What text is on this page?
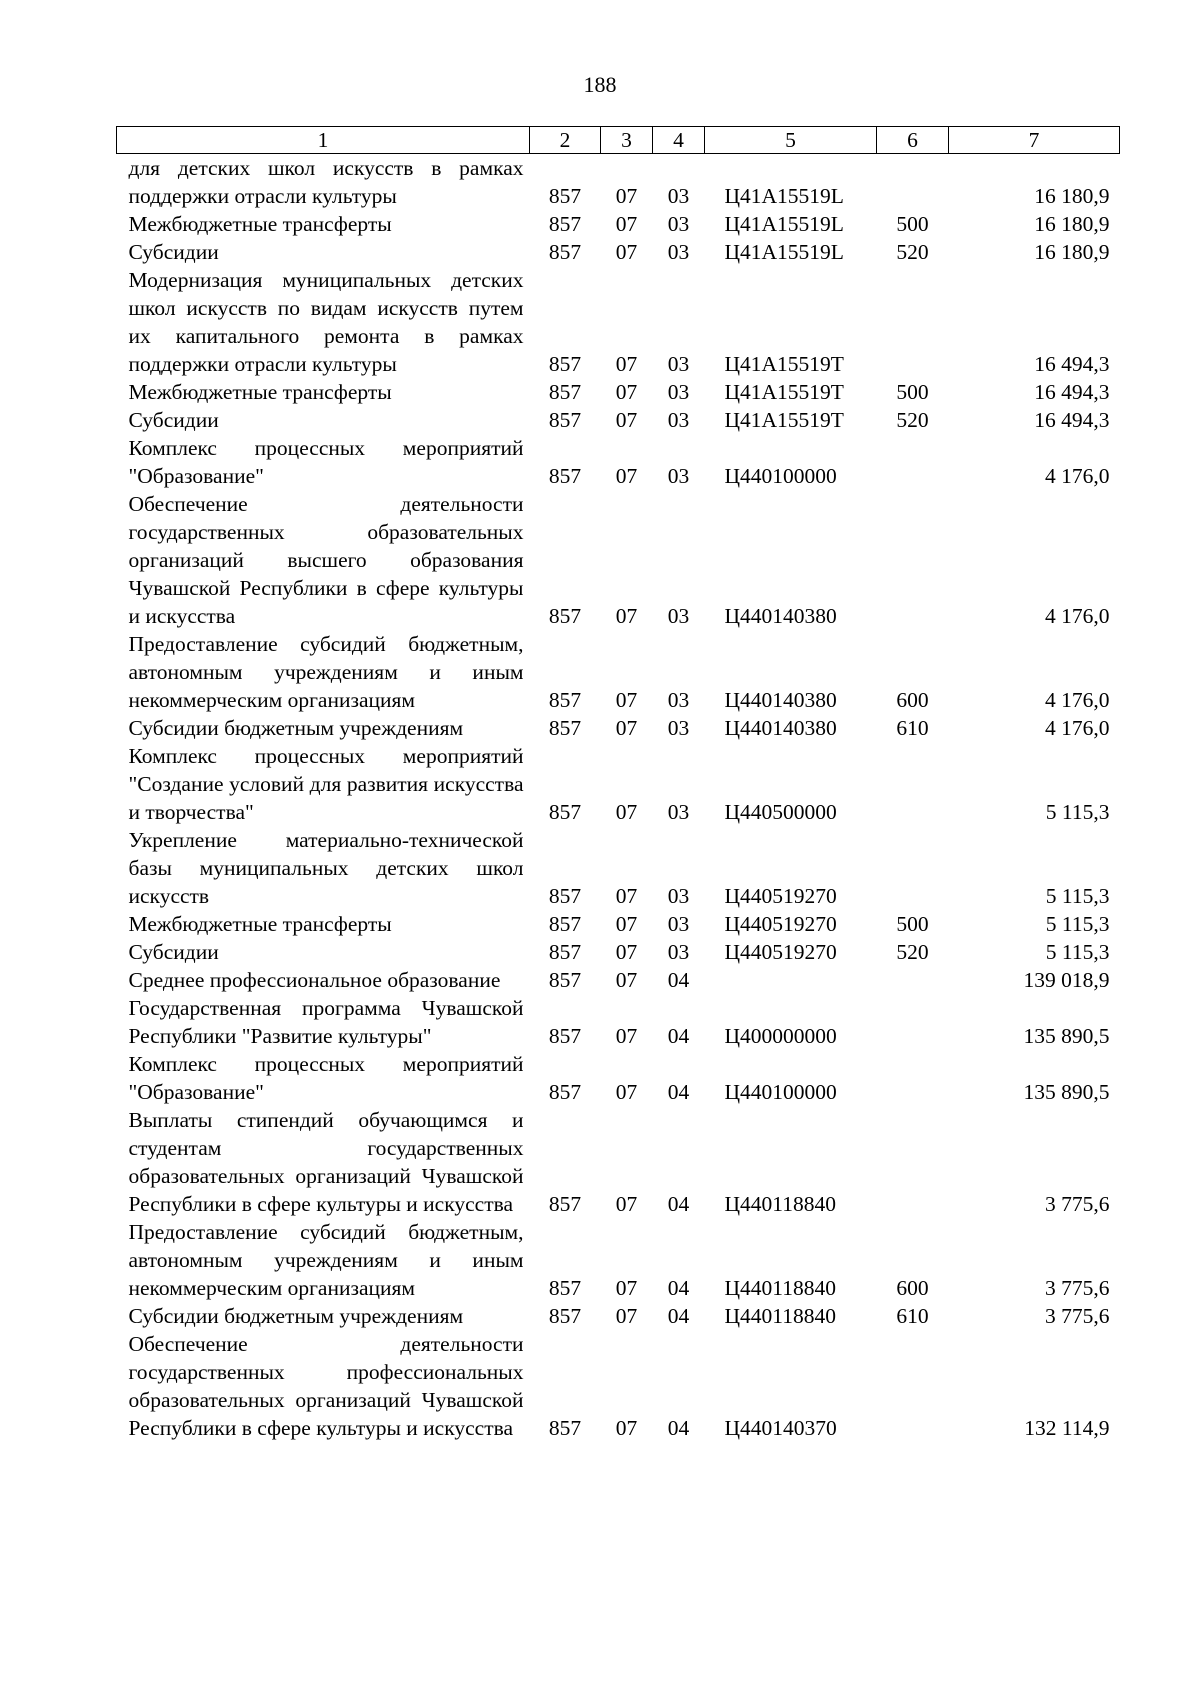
188
1	2	3	4	5	6	7
для детских школ искусств в рамках поддержки отрасли культуры	857	07	03	Ц41А15519L		16 180,9
Межбюджетные трансферты	857	07	03	Ц41А15519L	500	16 180,9
Субсидии	857	07	03	Ц41А15519L	520	16 180,9
Модернизация муниципальных детских школ искусств по видам искусств путем их капитального ремонта в рамках поддержки отрасли культуры	857	07	03	Ц41А15519Т		16 494,3
Межбюджетные трансферты	857	07	03	Ц41А15519Т	500	16 494,3
Субсидии	857	07	03	Ц41А15519Т	520	16 494,3
Комплекс процессных мероприятий "Образование"	857	07	03	Ц440100000		4 176,0
Обеспечение деятельности государственных образовательных организаций высшего образования Чувашской Республики в сфере культуры и искусства	857	07	03	Ц440140380		4 176,0
Предоставление субсидий бюджетным, автономным учреждениям и иным некоммерческим организациям	857	07	03	Ц440140380	600	4 176,0
Субсидии бюджетным учреждениям	857	07	03	Ц440140380	610	4 176,0
Комплекс процессных мероприятий "Создание условий для развития искусства и творчества"	857	07	03	Ц440500000		5 115,3
Укрепление материально-технической базы муниципальных детских школ искусств	857	07	03	Ц440519270		5 115,3
Межбюджетные трансферты	857	07	03	Ц440519270	500	5 115,3
Субсидии	857	07	03	Ц440519270	520	5 115,3
Среднее профессиональное образование	857	07	04			139 018,9
Государственная программа Чувашской Республики "Развитие культуры"	857	07	04	Ц400000000		135 890,5
Комплекс процессных мероприятий "Образование"	857	07	04	Ц440100000		135 890,5
Выплаты стипендий обучающимся и студентам государственных образовательных организаций Чувашской Республики в сфере культуры и искусства	857	07	04	Ц440118840		3 775,6
Предоставление субсидий бюджетным, автономным учреждениям и иным некоммерческим организациям	857	07	04	Ц440118840	600	3 775,6
Субсидии бюджетным учреждениям	857	07	04	Ц440118840	610	3 775,6
Обеспечение деятельности государственных профессиональных образовательных организаций Чувашской Республики в сфере культуры и искусства	857	07	04	Ц440140370		132 114,9
